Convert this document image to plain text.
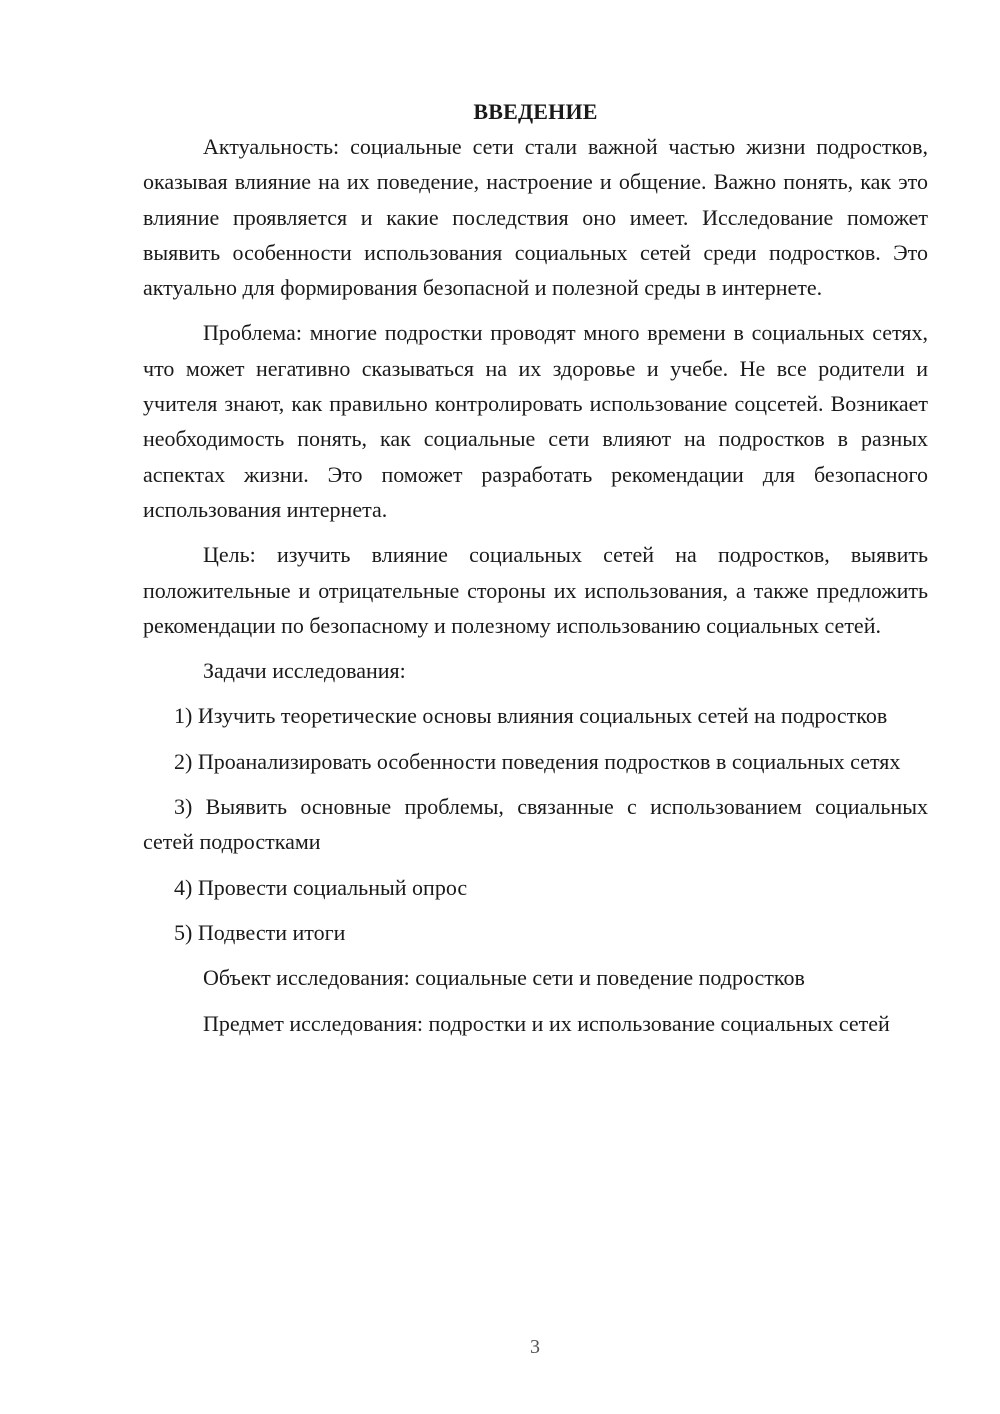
ВВЕДЕНИЕ

Актуальность: социальные сети стали важной частью жизни подростков, оказывая влияние на их поведение, настроение и общение. Важно понять, как это влияние проявляется и какие последствия оно имеет. Исследование поможет выявить особенности использования социальных сетей среди подростков. Это актуально для формирования безопасной и полезной среды в интернете.

Проблема: многие подростки проводят много времени в социальных сетях, что может негативно сказываться на их здоровье и учебе. Не все родители и учителя знают, как правильно контролировать использование соцсетей. Возникает необходимость понять, как социальные сети влияют на подростков в разных аспектах жизни. Это поможет разработать рекомендации для безопасного использования интернета.

Цель: изучить влияние социальных сетей на подростков, выявить положительные и отрицательные стороны их использования, а также предложить рекомендации по безопасному и полезному использованию социальных сетей.

Задачи исследования:

1) Изучить теоретические основы влияния социальных сетей на подростков

2) Проанализировать особенности поведения подростков в социальных сетях

3) Выявить основные проблемы, связанные с использованием социальных сетей подростками

4) Провести социальный опрос

5) Подвести итоги

Объект исследования: социальные сети и поведение подростков

Предмет исследования: подростки и их использование социальных сетей

3
